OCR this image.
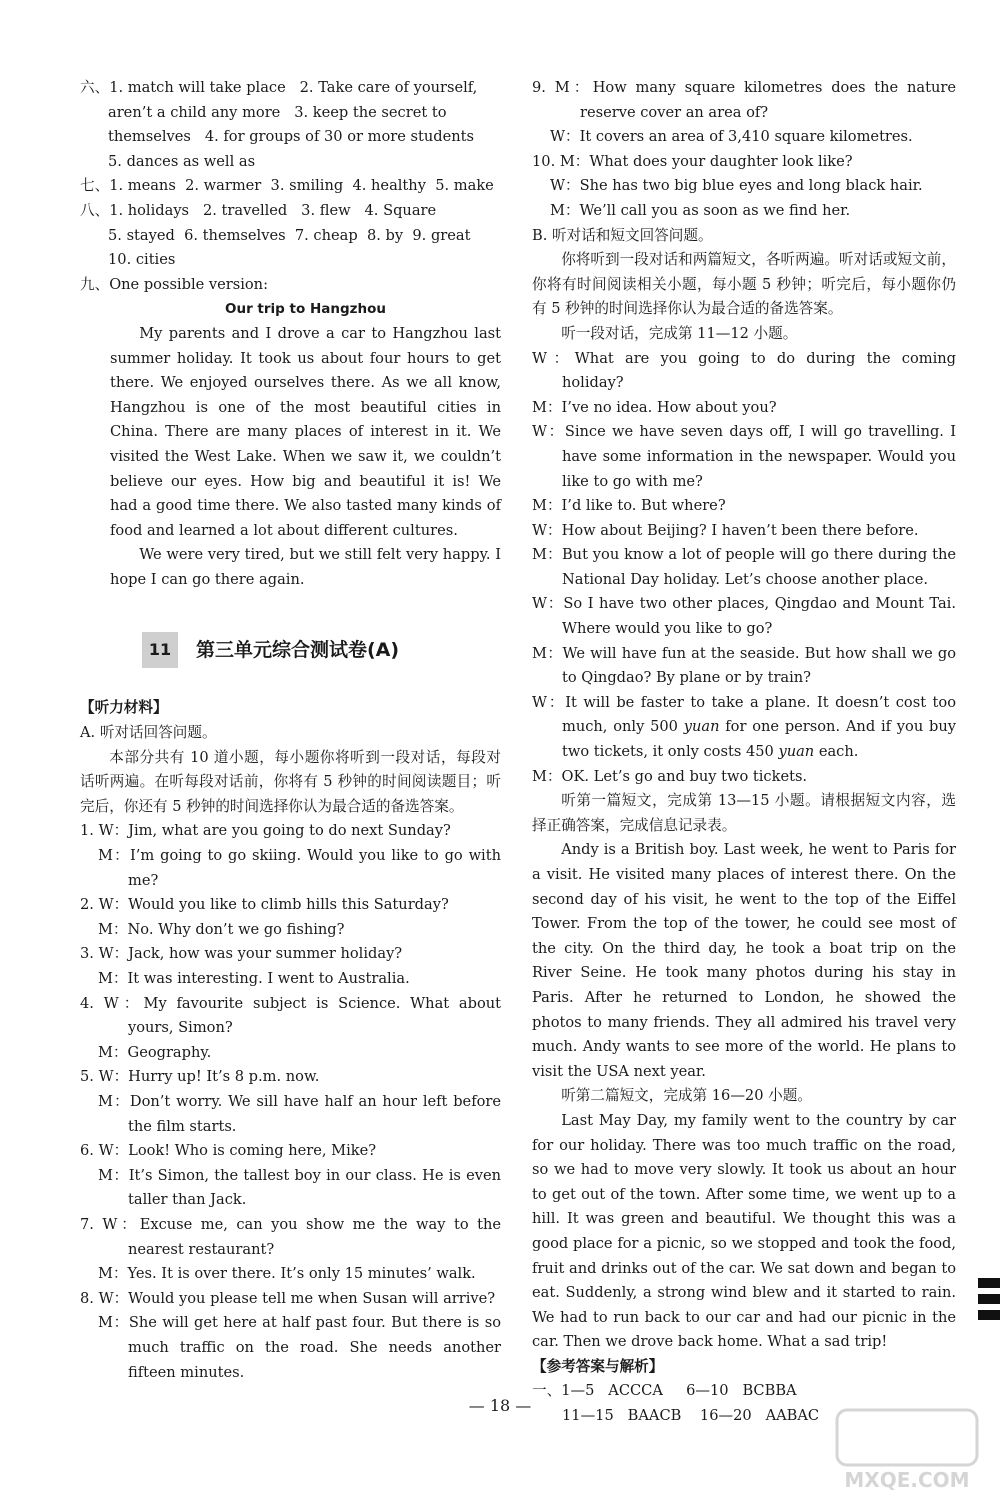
六、1. match will take place 2. Take care of yourself,

aren’t a child any more 3. keep the secret to

themselves 4. for groups of 30 or more students

5. dances as well as

七、1. means  2. warmer  3. smiling  4. healthy  5. make

八、1. holidays   2. travelled   3. flew   4. Square

5. stayed  6. themselves  7. cheap  8. by  9. great

10. cities

九、One possible version:

Our trip to Hangzhou

My parents and I drove a car to Hangzhou last summer holiday. It took us about four hours to get there. We enjoyed ourselves there. As we all know, Hangzhou is one of the most beautiful cities in China. There are many places of interest in it. We visited the West Lake. When we saw it, we couldn’t believe our eyes. How big and beautiful it is! We had a good time there. We also tasted many kinds of food and learned a lot about different cultures.

We were very tired, but we still felt very happy. I hope I can go there again.

11	第三单元综合测试卷(A)

【听力材料】

A. 听对话回答问题。

本部分共有 10 道小题，每小题你将听到一段对话，每段对话听两遍。在听每段对话前，你将有 5 秒钟的时间阅读题目；听完后，你还有 5 秒钟的时间选择你认为最合适的备选答案。

1. W：Jim, what are you going to do next Sunday?

M：I’m going to go skiing. Would you like to go with me?

2. W：Would you like to climb hills this Saturday?

M：No. Why don’t we go fishing?

3. W：Jack, how was your summer holiday?

M：It was interesting. I went to Australia.

4. W：My favourite subject is Science. What about yours, Simon?

M：Geography.

5. W：Hurry up! It’s 8 p.m. now.

M：Don’t worry. We sill have half an hour left before the film starts.

6. W：Look! Who is coming here, Mike?

M：It’s Simon, the tallest boy in our class. He is even taller than Jack.

7. W：Excuse me, can you show me the way to the nearest restaurant?

M：Yes. It is over there. It’s only 15 minutes’ walk.

8. W：Would you please tell me when Susan will arrive?

M：She will get here at half past four. But there is so much traffic on the road. She needs another fifteen minutes.

9. M：How many square kilometres does the nature reserve cover an area of?

W：It covers an area of 3,410 square kilometres.

10. M：What does your daughter look like?

W：She has two big blue eyes and long black hair.

M：We’ll call you as soon as we find her.

B. 听对话和短文回答问题。

你将听到一段对话和两篇短文，各听两遍。听对话或短文前，你将有时间阅读相关小题，每小题 5 秒钟；听完后，每小题你仍有 5 秒钟的时间选择你认为最合适的备选答案。

听一段对话，完成第 11—12 小题。

W：What are you going to do during the coming holiday?

M：I’ve no idea. How about you?

W：Since we have seven days off, I will go travelling. I have some information in the newspaper. Would you like to go with me?

M：I’d like to. But where?

W：How about Beijing? I haven’t been there before.

M：But you know a lot of people will go there during the National Day holiday. Let’s choose another place.

W：So I have two other places, Qingdao and Mount Tai. Where would you like to go?

M：We will have fun at the seaside. But how shall we go to Qingdao? By plane or by train?

W：It will be faster to take a plane. It doesn’t cost too much, only 500 yuan for one person. And if you buy two tickets, it only costs 450 yuan each.

M：OK. Let’s go and buy two tickets.

听第一篇短文，完成第 13—15 小题。请根据短文内容，选择正确答案，完成信息记录表。

Andy is a British boy. Last week, he went to Paris for a visit. He visited many places of interest there. On the second day of his visit, he went to the top of the Eiffel Tower. From the top of the tower, he could see most of the city. On the third day, he took a boat trip on the River Seine. He took many photos during his stay in Paris. After he returned to London, he showed the photos to many friends. They all admired his travel very much. Andy wants to see more of the world. He plans to visit the USA next year.

听第二篇短文，完成第 16—20 小题。

Last May Day, my family went to the country by car for our holiday. There was too much traffic on the road, so we had to move very slowly. It took us about an hour to get out of the town. After some time, we went up to a hill. It was green and beautiful. We thought this was a good place for a picnic, so we stopped and took the food, fruit and drinks out of the car. We sat down and began to eat. Suddenly, a strong wind blew and it started to rain. We had to run back to our car and had our picnic in the car. Then we drove back home. What a sad trip!

【参考答案与解析】

一、1—5 ACCCA 6—10 BCBBA

11—15 BAACB 16—20 AABAC

— 18 —
MXQE.COM
